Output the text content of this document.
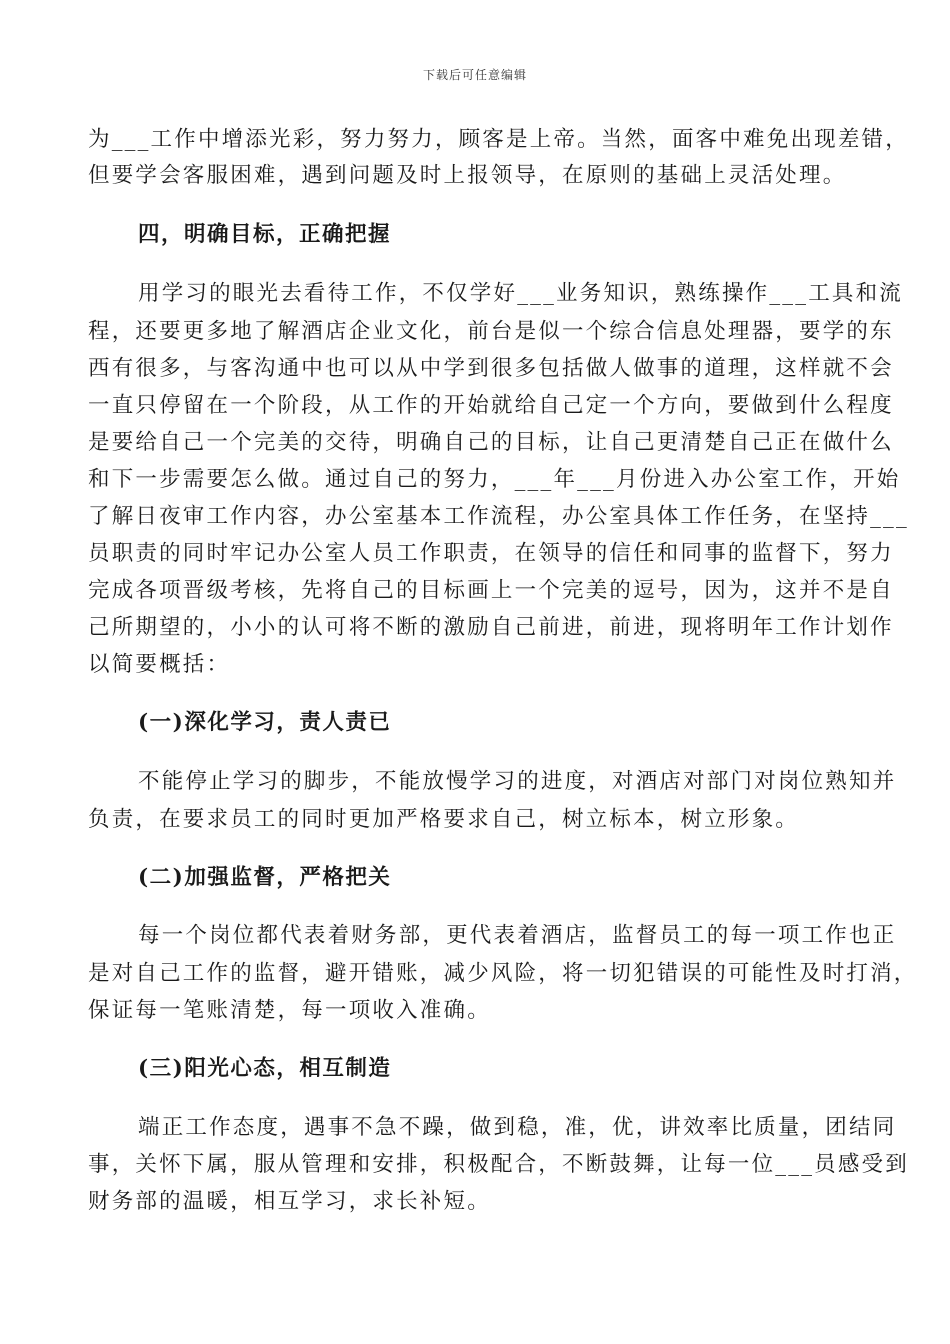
下载后可任意编辑
为___工作中增添光彩，努力努力，顾客是上帝。当然，面客中难免出现差错，
但要学会客服困难，遇到问题及时上报领导，在原则的基础上灵活处理。
四，明确目标，正确把握
用学习的眼光去看待工作，不仅学好___业务知识，熟练操作___工具和流
程，还要更多地了解酒店企业文化，前台是似一个综合信息处理器，要学的东
西有很多，与客沟通中也可以从中学到很多包括做人做事的道理，这样就不会
一直只停留在一个阶段，从工作的开始就给自己定一个方向，要做到什么程度
是要给自己一个完美的交待，明确自己的目标，让自己更清楚自己正在做什么
和下一步需要怎么做。通过自己的努力，___年___月份进入办公室工作，开始
了解日夜审工作内容，办公室基本工作流程，办公室具体工作任务，在坚持___
员职责的同时牢记办公室人员工作职责，在领导的信任和同事的监督下，努力
完成各项晋级考核，先将自己的目标画上一个完美的逗号，因为，这并不是自
己所期望的，小小的认可将不断的激励自己前进，前进，现将明年工作计划作
以简要概括：
(一)深化学习，责人责已
不能停止学习的脚步，不能放慢学习的进度，对酒店对部门对岗位熟知并
负责，在要求员工的同时更加严格要求自己，树立标本，树立形象。
(二)加强监督，严格把关
每一个岗位都代表着财务部，更代表着酒店，监督员工的每一项工作也正
是对自己工作的监督，避开错账，减少风险，将一切犯错误的可能性及时打消，
保证每一笔账清楚，每一项收入准确。
(三)阳光心态，相互制造
端正工作态度，遇事不急不躁，做到稳，准，优，讲效率比质量，团结同
事，关怀下属，服从管理和安排，积极配合，不断鼓舞，让每一位___员感受到
财务部的温暖，相互学习，求长补短。
